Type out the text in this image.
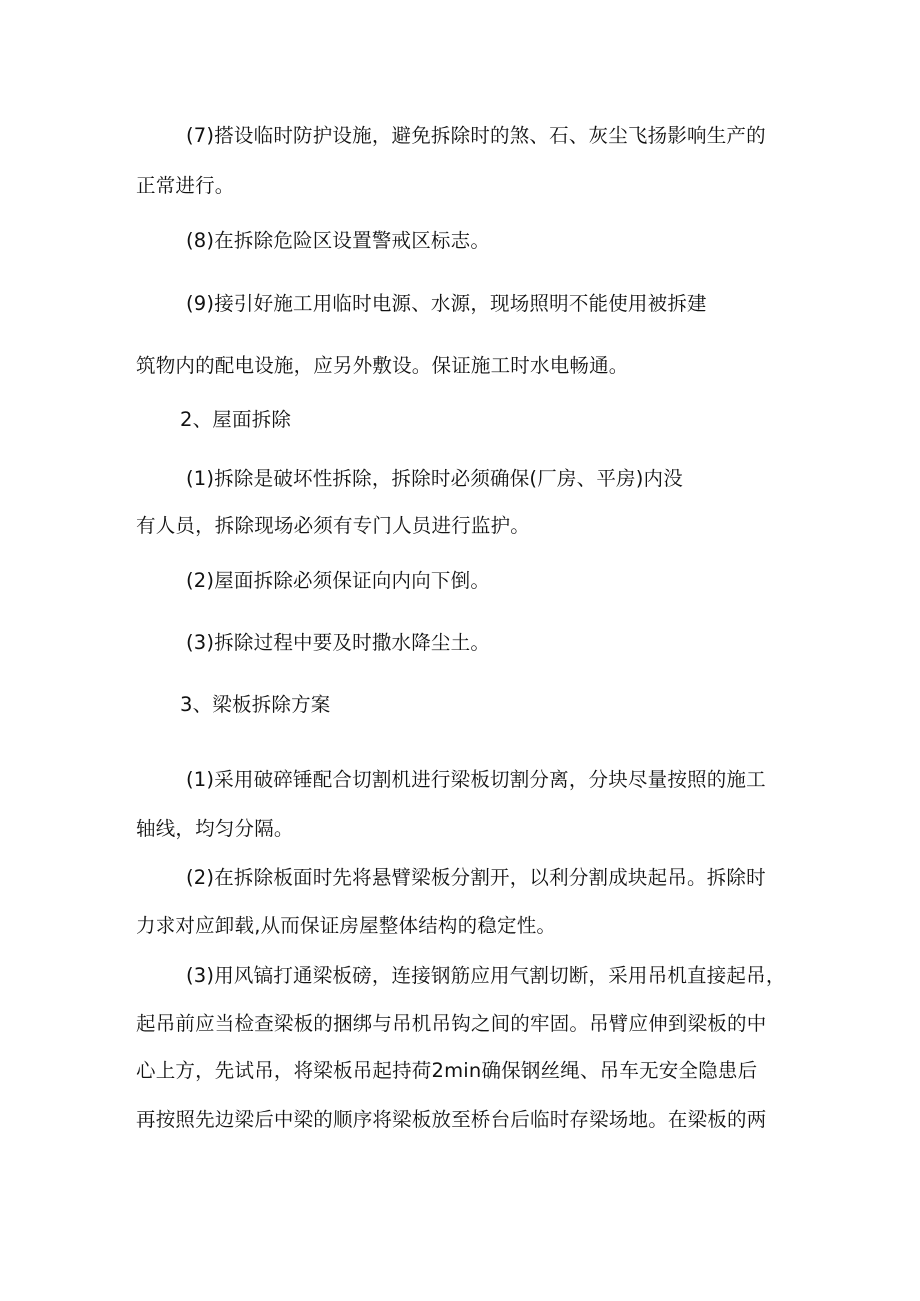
(7)搭设临时防护设施，避免拆除时的煞、石、灰尘飞扬影响生产的
正常进行。
(8)在拆除危险区设置警戒区标志。
(9)接引好施工用临时电源、水源，现场照明不能使用被拆建
筑物内的配电设施，应另外敷设。保证施工时水电畅通。
2、屋面拆除
(1)拆除是破坏性拆除，拆除时必须确保(厂房、平房)内没
有人员，拆除现场必须有专门人员进行监护。
(2)屋面拆除必须保证向内向下倒。
(3)拆除过程中要及时撒水降尘土。
3、梁板拆除方案
(1)采用破碎锤配合切割机进行梁板切割分离，分块尽量按照的施工
轴线，均匀分隔。
(2)在拆除板面时先将悬臂梁板分割开，以利分割成块起吊。拆除时
力求对应卸载,从而保证房屋整体结构的稳定性。
(3)用风镐打通梁板磅，连接钢筋应用气割切断，采用吊机直接起吊，
起吊前应当检查梁板的捆绑与吊机吊钩之间的牢固。吊臂应伸到梁板的中
心上方，先试吊，将梁板吊起持荷2min确保钢丝绳、吊车无安全隐患后
再按照先边梁后中梁的顺序将梁板放至桥台后临时存梁场地。在梁板的两
